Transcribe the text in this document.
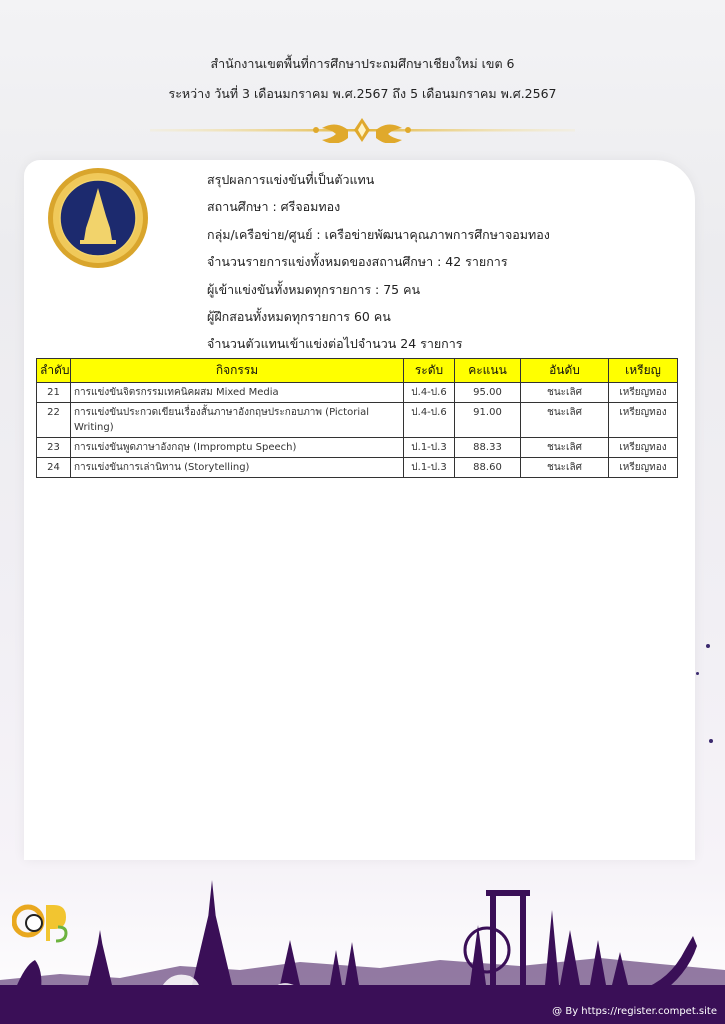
สำนักงานเขตพื้นที่การศึกษาประถมศึกษาเชียงใหม่ เขต 6
ระหว่าง วันที่ 3 เดือนมกราคม พ.ศ.2567 ถึง 5 เดือนมกราคม พ.ศ.2567
สรุปผลการแข่งขันที่เป็นตัวแทน
สถานศึกษา : ศรีจอมทอง
กลุ่ม/เครือข่าย/ศูนย์ : เครือข่ายพัฒนาคุณภาพการศึกษาจอมทอง
จำนวนรายการแข่งทั้งหมดของสถานศึกษา : 42 รายการ
ผู้เข้าแข่งขันทั้งหมดทุกรายการ : 75 คน
ผู้ฝึกสอนทั้งหมดทุกรายการ 60 คน
จำนวนตัวแทนเข้าแข่งต่อไปจำนวน 24 รายการ
ลำดับ	กิจกรรม	ระดับ	คะแนน	อันดับ	เหรียญ
21	การแข่งขันจิตรกรรมเทคนิคผสม Mixed Media	ป.4-ป.6	95.00	ชนะเลิศ	เหรียญทอง
22	การแข่งขันประกวดเขียนเรื่องสั้นภาษาอังกฤษประกอบภาพ (Pictorial Writing)	ป.4-ป.6	91.00	ชนะเลิศ	เหรียญทอง
23	การแข่งขันพูดภาษาอังกฤษ (Impromptu Speech)	ป.1-ป.3	88.33	ชนะเลิศ	เหรียญทอง
24	การแข่งขันการเล่านิทาน (Storytelling)	ป.1-ป.3	88.60	ชนะเลิศ	เหรียญทอง
@ By https://register.compet.site
